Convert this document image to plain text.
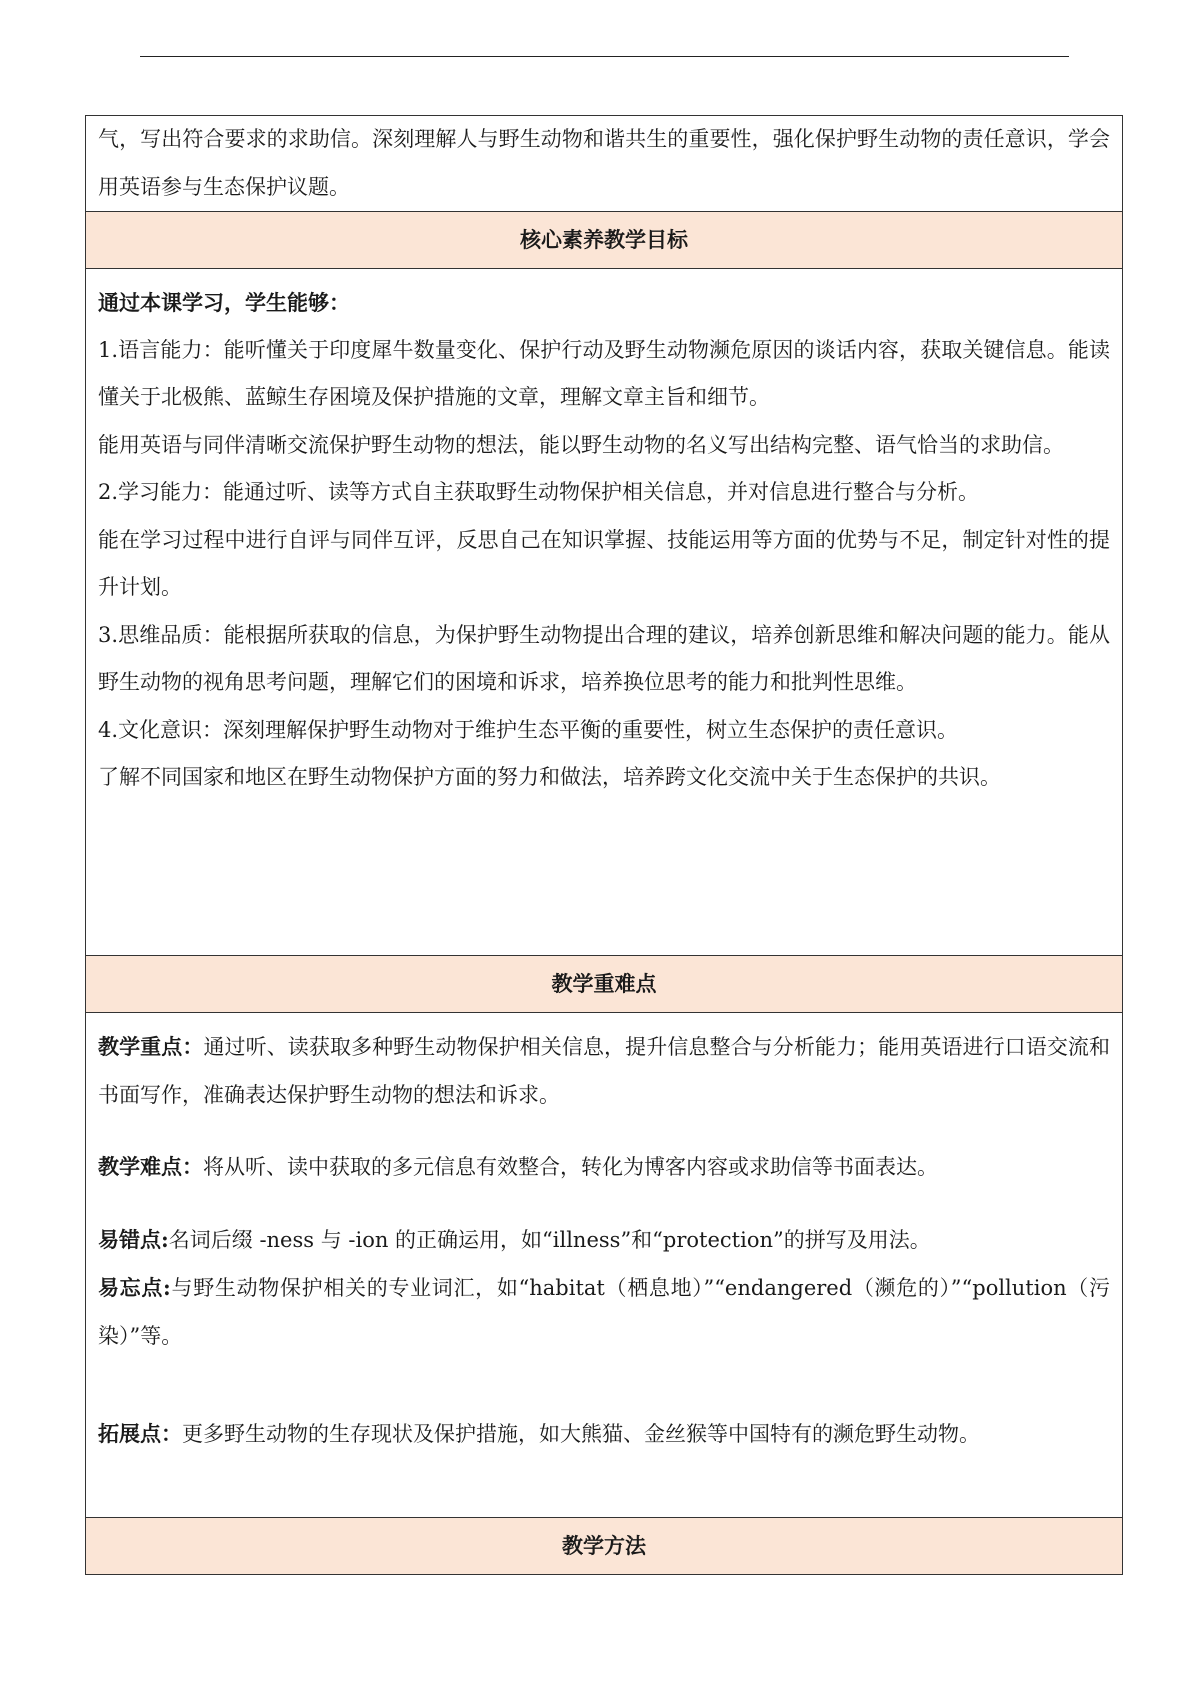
气，写出符合要求的求助信。深刻理解人与野生动物和谐共生的重要性，强化保护野生动物的责任意识，学会用英语参与生态保护议题。

核心素养教学目标

通过本课学习，学生能够：

1.语言能力：能听懂关于印度犀牛数量变化、保护行动及野生动物濒危原因的谈话内容，获取关键信息。能读懂关于北极熊、蓝鲸生存困境及保护措施的文章，理解文章主旨和细节。

能用英语与同伴清晰交流保护野生动物的想法，能以野生动物的名义写出结构完整、语气恰当的求助信。

2.学习能力：能通过听、读等方式自主获取野生动物保护相关信息，并对信息进行整合与分析。

能在学习过程中进行自评与同伴互评，反思自己在知识掌握、技能运用等方面的优势与不足，制定针对性的提升计划。

3.思维品质：能根据所获取的信息，为保护野生动物提出合理的建议，培养创新思维和解决问题的能力。能从野生动物的视角思考问题，理解它们的困境和诉求，培养换位思考的能力和批判性思维。

4.文化意识：深刻理解保护野生动物对于维护生态平衡的重要性，树立生态保护的责任意识。

了解不同国家和地区在野生动物保护方面的努力和做法，培养跨文化交流中关于生态保护的共识。

教学重难点

教学重点：通过听、读获取多种野生动物保护相关信息，提升信息整合与分析能力；能用英语进行口语交流和书面写作，准确表达保护野生动物的想法和诉求。

教学难点：将从听、读中获取的多元信息有效整合，转化为博客内容或求助信等书面表达。

易错点:名词后缀 -ness 与 -ion 的正确运用，如“illness”和“protection”的拼写及用法。

易忘点:与野生动物保护相关的专业词汇，如“habitat（栖息地）”“endangered（濒危的）”“pollution（污染）”等。

拓展点：更多野生动物的生存现状及保护措施，如大熊猫、金丝猴等中国特有的濒危野生动物。

教学方法
